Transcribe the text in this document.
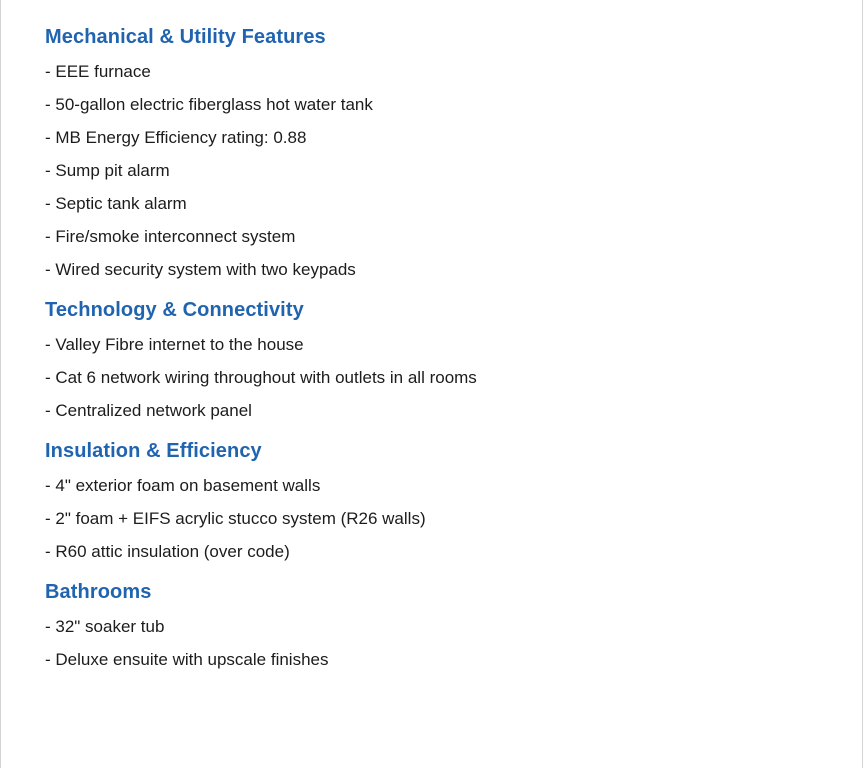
Mechanical & Utility Features
- EEE furnace
- 50-gallon electric fiberglass hot water tank
- MB Energy Efficiency rating: 0.88
- Sump pit alarm
- Septic tank alarm
- Fire/smoke interconnect system
- Wired security system with two keypads
Technology & Connectivity
- Valley Fibre internet to the house
- Cat 6 network wiring throughout with outlets in all rooms
- Centralized network panel
Insulation & Efficiency
- 4" exterior foam on basement walls
- 2" foam + EIFS acrylic stucco system (R26 walls)
- R60 attic insulation (over code)
Bathrooms
- 32" soaker tub
- Deluxe ensuite with upscale finishes
